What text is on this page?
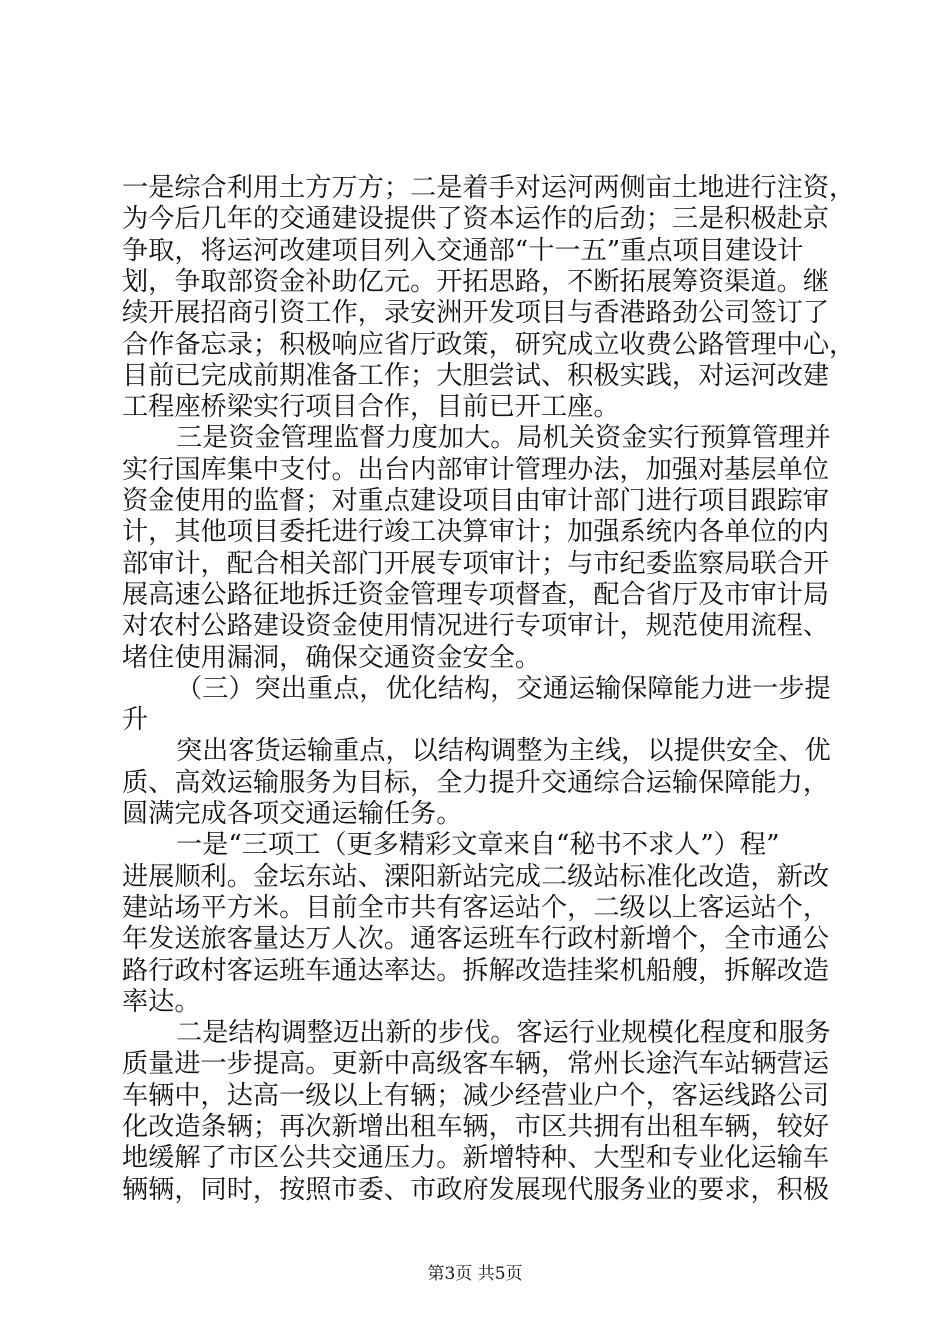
一是综合利用土方万方；二是着手对运河两侧亩土地进行注资，
为今后几年的交通建设提供了资本运作的后劲；三是积极赴京
争取，将运河改建项目列入交通部“十一五”重点项目建设计
划，争取部资金补助亿元。开拓思路，不断拓展筹资渠道。继
续开展招商引资工作，录安洲开发项目与香港路劲公司签订了
合作备忘录；积极响应省厅政策，研究成立收费公路管理中心，
目前已完成前期准备工作；大胆尝试、积极实践，对运河改建
工程座桥梁实行项目合作，目前已开工座。
三是资金管理监督力度加大。局机关资金实行预算管理并
实行国库集中支付。出台内部审计管理办法，加强对基层单位
资金使用的监督；对重点建设项目由审计部门进行项目跟踪审
计，其他项目委托进行竣工决算审计；加强系统内各单位的内
部审计，配合相关部门开展专项审计；与市纪委监察局联合开
展高速公路征地拆迁资金管理专项督查，配合省厅及市审计局
对农村公路建设资金使用情况进行专项审计，规范使用流程、
堵住使用漏洞，确保交通资金安全。
（三）突出重点，优化结构，交通运输保障能力进一步提
升
突出客货运输重点，以结构调整为主线，以提供安全、优
质、高效运输服务为目标，全力提升交通综合运输保障能力，
圆满完成各项交通运输任务。
一是“三项工（更多精彩文章来自“秘书不求人”）程”
进展顺利。金坛东站、溧阳新站完成二级站标准化改造，新改
建站场平方米。目前全市共有客运站个，二级以上客运站个，
年发送旅客量达万人次。通客运班车行政村新增个，全市通公
路行政村客运班车通达率达。拆解改造挂桨机船艘，拆解改造
率达。
二是结构调整迈出新的步伐。客运行业规模化程度和服务
质量进一步提高。更新中高级客车辆，常州长途汽车站辆营运
车辆中，达高一级以上有辆；减少经营业户个，客运线路公司
化改造条辆；再次新增出租车辆，市区共拥有出租车辆，较好
地缓解了市区公共交通压力。新增特种、大型和专业化运输车
辆辆，同时，按照市委、市政府发展现代服务业的要求，积极
第3页 共5页
